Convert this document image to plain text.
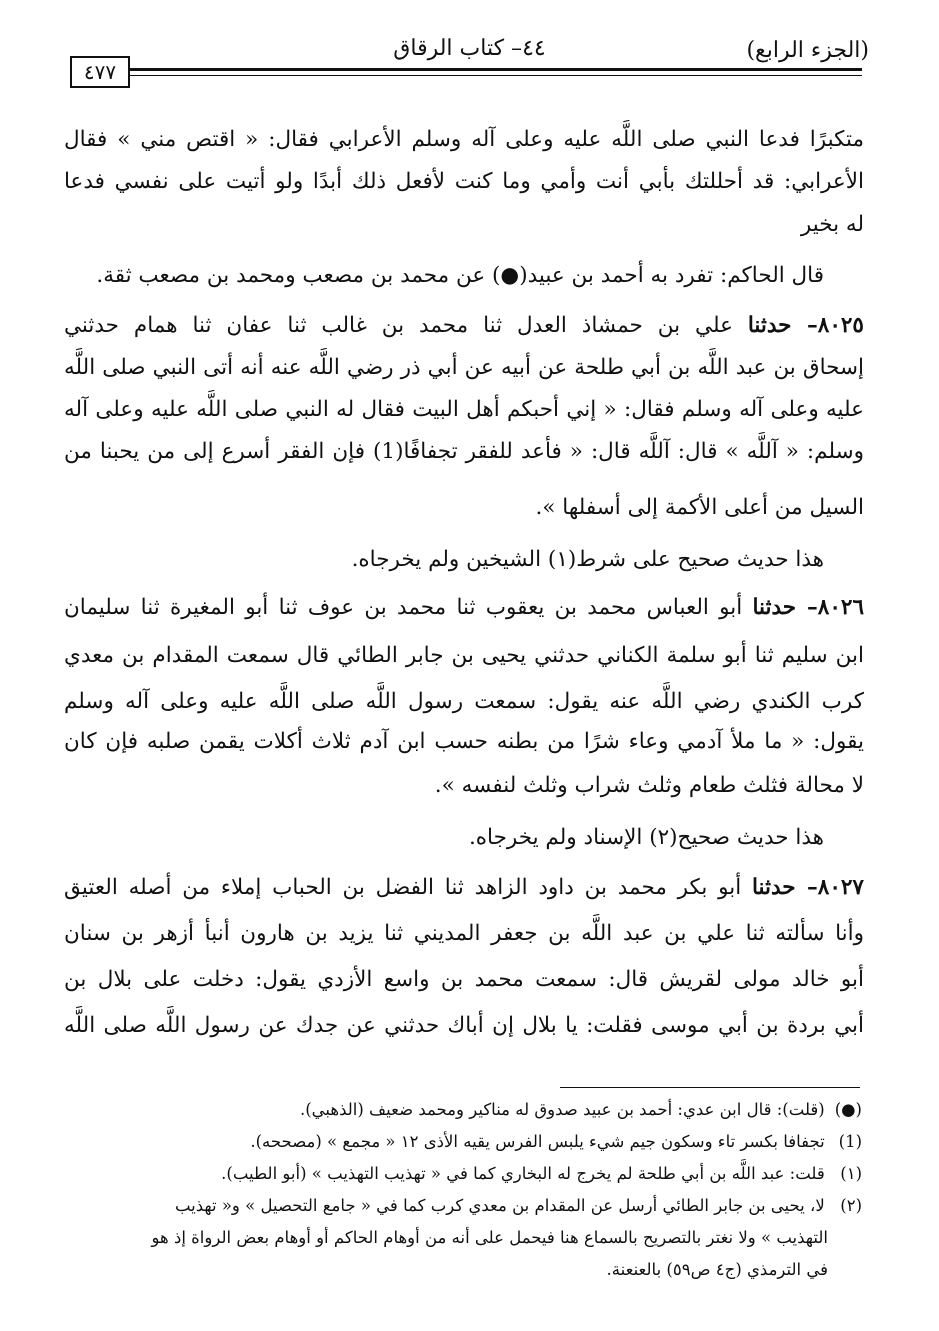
(الجزء الرابع)
٤٤– كتاب الرقاق
٤٧٧
متكبرًا فدعا النبي صلى اللَّه عليه وعلى آله وسلم الأعرابي فقال: « اقتص مني » فقال
الأعرابي: قد أحللتك بأبي أنت وأمي وما كنت لأفعل ذلك أبدًا ولو أتيت على نفسي فدعا
له بخير
قال الحاكم: تفرد به أحمد بن عبيد(●) عن محمد بن مصعب ومحمد بن مصعب ثقة.
٨٠٢٥– حدثنا علي بن حمشاذ العدل ثنا محمد بن غالب ثنا عفان ثنا همام حدثني
إسحاق بن عبد اللَّه بن أبي طلحة عن أبيه عن أبي ذر رضي اللَّه عنه أنه أتى النبي صلى اللَّه
عليه وعلى آله وسلم فقال: « إني أحبكم أهل البيت فقال له النبي صلى اللَّه عليه وعلى آله
وسلم: « آللَّه » قال: آللَّه قال: « فأعد للفقر تجفافًا(1) فإن الفقر أسرع إلى من يحبنا من
السيل من أعلى الأكمة إلى أسفلها ».
هذا حديث صحيح على شرط(١) الشيخين ولم يخرجاه.
٨٠٢٦– حدثنا أبو العباس محمد بن يعقوب ثنا محمد بن عوف ثنا أبو المغيرة ثنا سليمان
ابن سليم ثنا أبو سلمة الكناني حدثني يحيى بن جابر الطائي قال سمعت المقدام بن معدي
كرب الكندي رضي اللَّه عنه يقول: سمعت رسول اللَّه صلى اللَّه عليه وعلى آله وسلم
يقول: « ما ملأ آدمي وعاء شرًا من بطنه حسب ابن آدم ثلاث أكلات يقمن صلبه فإن كان
لا محالة فثلث طعام وثلث شراب وثلث لنفسه ».
هذا حديث صحيح(٢) الإسناد ولم يخرجاه.
٨٠٢٧– حدثنا أبو بكر محمد بن داود الزاهد ثنا الفضل بن الحباب إملاء من أصله العتيق
وأنا سألته ثنا علي بن عبد اللَّه بن جعفر المديني ثنا يزيد بن هارون أنبأ أزهر بن سنان
أبو خالد مولى لقريش قال: سمعت محمد بن واسع الأزدي يقول: دخلت على بلال بن
أبي بردة بن أبي موسى فقلت: يا بلال إن أباك حدثني عن جدك عن رسول اللَّه صلى اللَّه
(●) (قلت): قال ابن عدي: أحمد بن عبيد صدوق له مناكير ومحمد ضعيف (الذهبي).
(1) تجفافا بكسر تاء وسكون جيم شيء يلبس الفرس يقيه الأذى ١٢ « مجمع » (مصححه).
(١) قلت: عبد اللَّه بن أبي طلحة لم يخرج له البخاري كما في « تهذيب التهذيب » (أبو الطيب).
(٢) لا، يحيى بن جابر الطائي أرسل عن المقدام بن معدي كرب كما في « جامع التحصيل » و« تهذيب
التهذيب » ولا نغتر بالتصريح بالسماع هنا فيحمل على أنه من أوهام الحاكم أو أوهام بعض الرواة إذ هو
في الترمذي (ج٤ ص٥٩) بالعنعنة.
